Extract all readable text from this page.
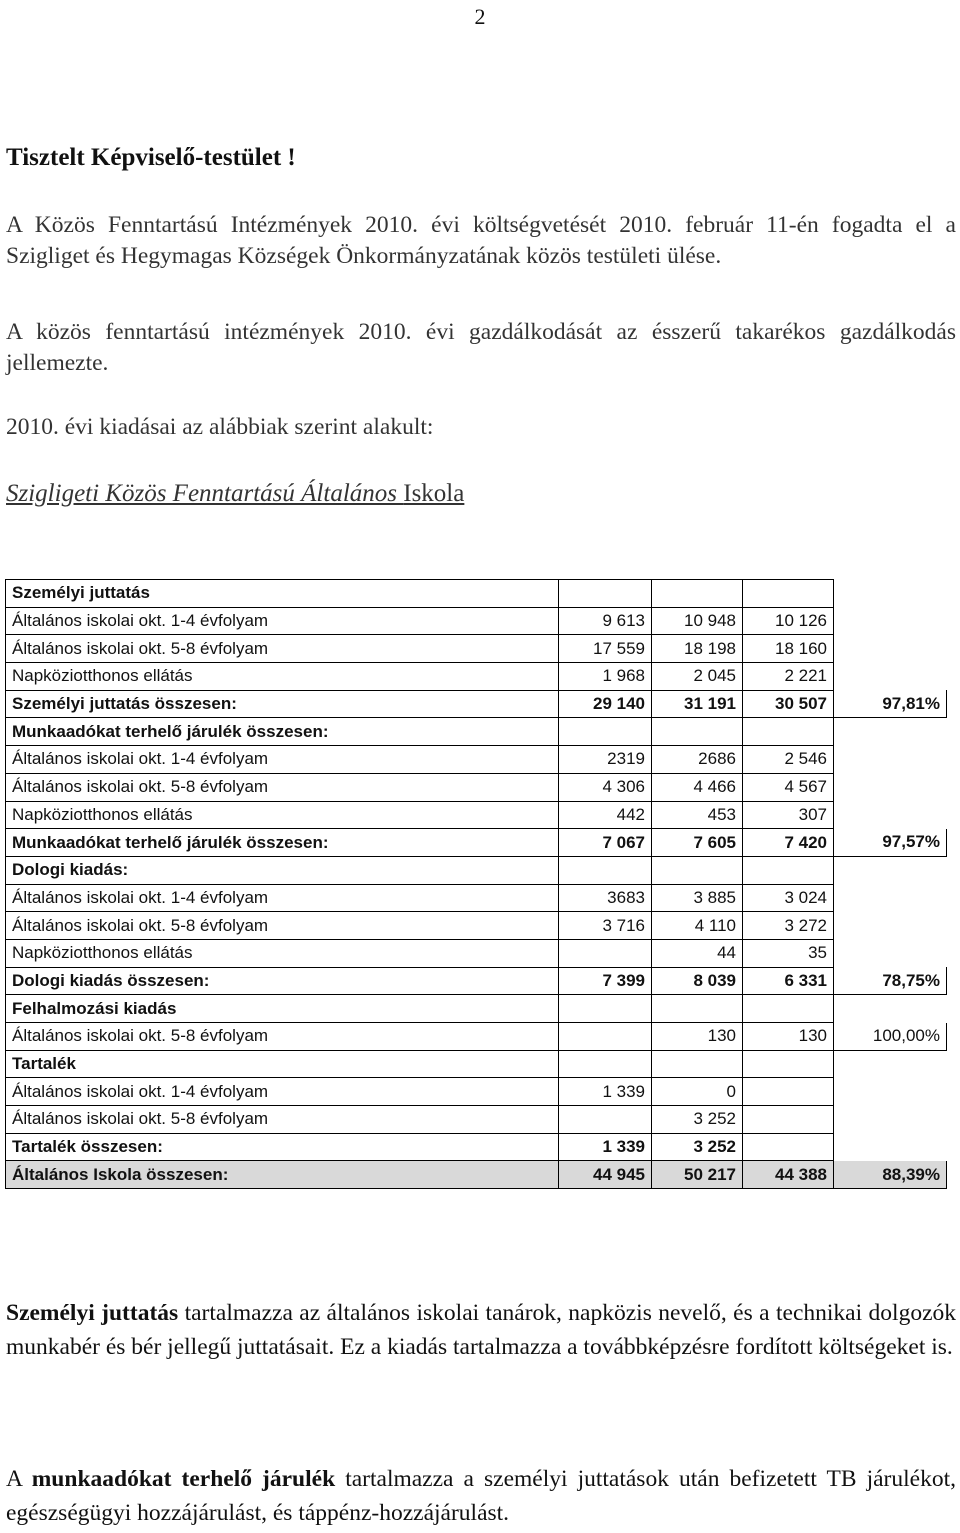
2
Tisztelt Képviselő-testület !
A Közös Fenntartású Intézmények 2010. évi költségvetését 2010. február 11-én fogadta el a Szigliget és Hegymagas Községek Önkormányzatának közös testületi ülése.
A közös fenntartású intézmények 2010. évi gazdálkodását az ésszerű takarékos gazdálkodás jellemezte.
2010. évi kiadásai az alábbiak szerint alakult:
Szigligeti Közös Fenntartású Általános Iskola
Személyi juttatás				
Általános iskolai okt. 1-4 évfolyam	9 613	10 948	10 126	
Általános iskolai okt. 5-8 évfolyam	17 559	18 198	18 160	
Napköziotthonos ellátás	1 968	2 045	2 221	
Személyi juttatás összesen:	29 140	31 191	30 507	97,81%
Munkaadókat terhelő járulék összesen:				
Általános iskolai okt. 1-4 évfolyam	2319	2686	2 546	
Általános iskolai okt. 5-8 évfolyam	4 306	4 466	4 567	
Napköziotthonos ellátás	442	453	307	
Munkaadókat terhelő járulék összesen:	7 067	7 605	7 420	97,57%
Dologi kiadás:				
Általános iskolai okt. 1-4 évfolyam	3683	3 885	3 024	
Általános iskolai okt. 5-8 évfolyam	3 716	4 110	3 272	
Napköziotthonos ellátás		44	35	
Dologi kiadás összesen:	7 399	8 039	6 331	78,75%
Felhalmozási kiadás				
Általános iskolai okt. 5-8 évfolyam		130	130	100,00%
Tartalék				
Általános iskolai okt. 1-4 évfolyam	1 339	0		
Általános iskolai okt. 5-8 évfolyam		3 252		
Tartalék összesen:	1 339	3 252		
Általános Iskola összesen:	44 945	50 217	44 388	88,39%
Személyi juttatás tartalmazza az általános iskolai tanárok, napközis nevelő, és a technikai dolgozók munkabér és bér jellegű juttatásait. Ez a kiadás tartalmazza a továbbképzésre fordított költségeket is.
A munkaadókat terhelő járulék tartalmazza a személyi juttatások után befizetett TB járulékot, egészségügyi hozzájárulást, és táppénz-hozzájárulást.
